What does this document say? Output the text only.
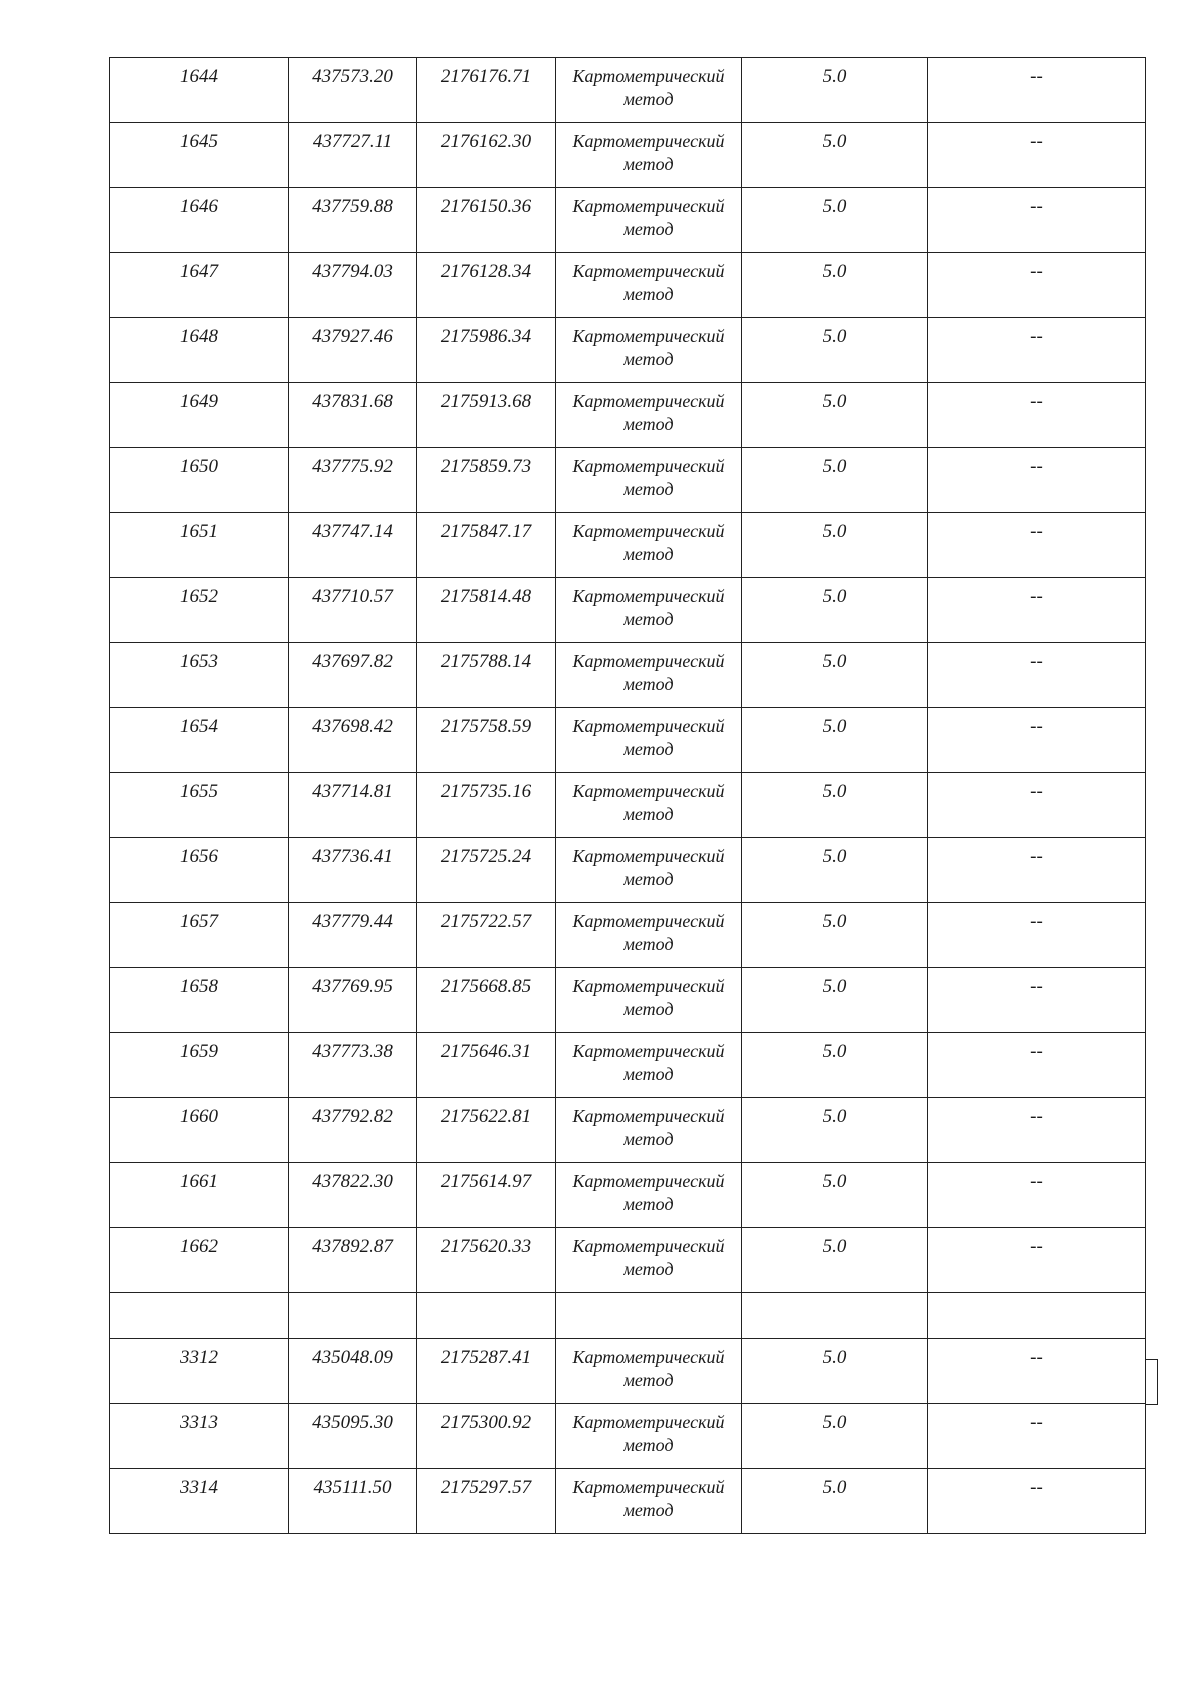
1644	437573.20	2176176.71	Картометрический метод	5.0	--

1645	437727.11	2176162.30	Картометрический метод	5.0	--

1646	437759.88	2176150.36	Картометрический метод	5.0	--

1647	437794.03	2176128.34	Картометрический метод	5.0	--

1648	437927.46	2175986.34	Картометрический метод	5.0	--

1649	437831.68	2175913.68	Картометрический метод	5.0	--

1650	437775.92	2175859.73	Картометрический метод	5.0	--

1651	437747.14	2175847.17	Картометрический метод	5.0	--

1652	437710.57	2175814.48	Картометрический метод	5.0	--

1653	437697.82	2175788.14	Картометрический метод	5.0	--

1654	437698.42	2175758.59	Картометрический метод	5.0	--

1655	437714.81	2175735.16	Картометрический метод	5.0	--

1656	437736.41	2175725.24	Картометрический метод	5.0	--

1657	437779.44	2175722.57	Картометрический метод	5.0	--

1658	437769.95	2175668.85	Картометрический метод	5.0	--

1659	437773.38	2175646.31	Картометрический метод	5.0	--

1660	437792.82	2175622.81	Картометрический метод	5.0	--

1661	437822.30	2175614.97	Картометрический метод	5.0	--

1662	437892.87	2175620.33	Картометрический метод	5.0	--

3312	435048.09	2175287.41	Картометрический метод	5.0	--

3313	435095.30	2175300.92	Картометрический метод	5.0	--

3314	435111.50	2175297.57	Картометрический метод	5.0	--
